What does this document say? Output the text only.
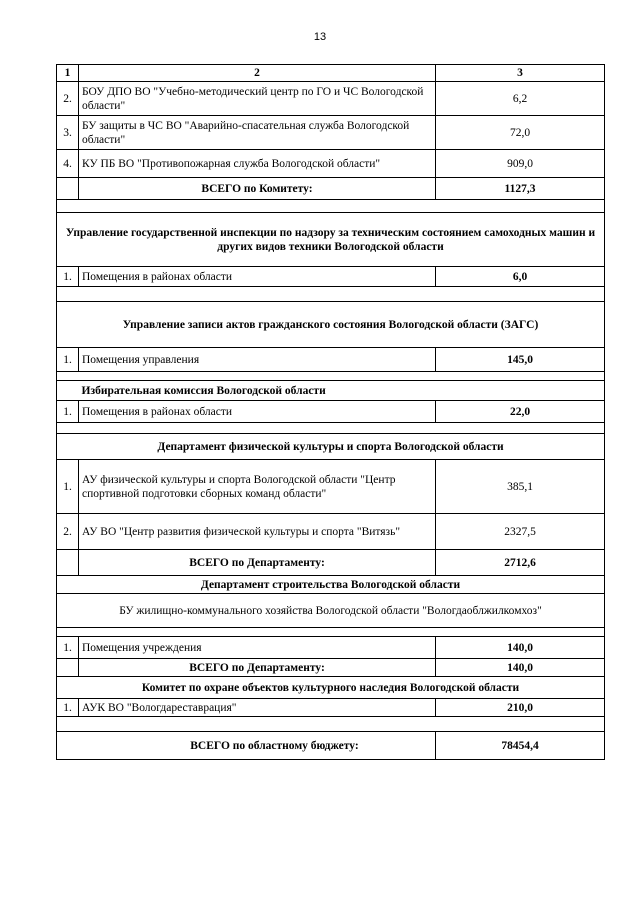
13
1	2	3
2.	БОУ ДПО ВО "Учебно-методический центр по ГО и ЧС Вологодской области"	6,2
3.	БУ защиты в ЧС ВО "Аварийно-спасательная служба Вологодской области"	72,0
4.	КУ ПБ ВО "Противопожарная служба Вологодской области"	909,0
	ВСЕГО по Комитету:	1127,3

Управление государственной инспекции по надзору за техническим состоянием самоходных машин и других видов техники Вологодской области		
1.	Помещения в районах области	6,0

Управление записи актов гражданского состояния Вологодской области (ЗАГС)		
1.	Помещения управления	145,0

	Избирательная комиссия Вологодской области	
1.	Помещения в районах области	22,0

Департамент физической культуры и спорта Вологодской области		
1.	АУ физической культуры и спорта Вологодской области "Центр спортивной подготовки сборных команд области"	385,1
2.	АУ ВО "Центр развития физической культуры и спорта "Витязь"	2327,5
	ВСЕГО по Департаменту:	2712,6
Департамент строительства Вологодской области		
БУ жилищно-коммунального хозяйства Вологодской области "Вологдаоблжилкомхоз"		

1.	Помещения учреждения	140,0
	ВСЕГО по Департаменту:	140,0
Комитет по охране объектов культурного наследия Вологодской области		
1.	АУК ВО "Вологдареставрация"	210,0

ВСЕГО по областному бюджету:		78454,4
